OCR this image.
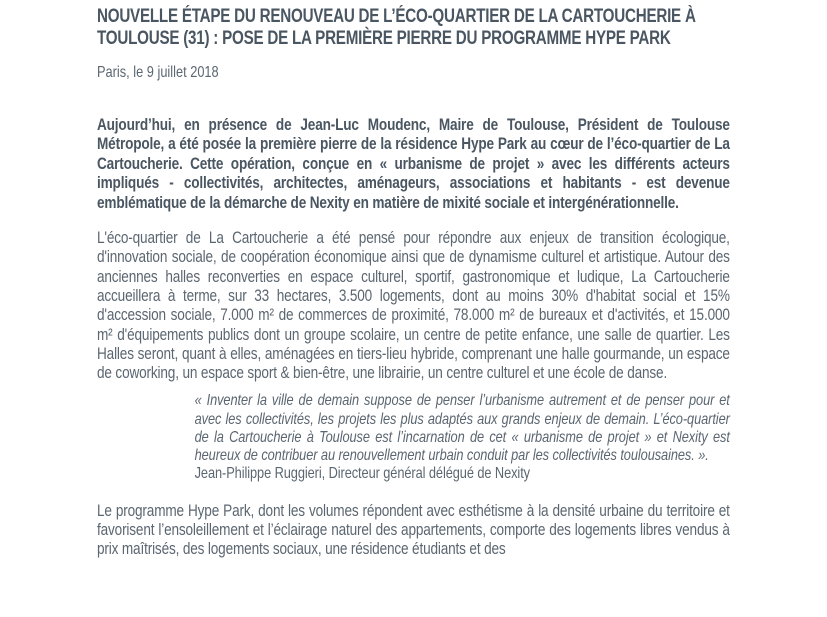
NOUVELLE ÉTAPE DU RENOUVEAU DE L’ÉCO-QUARTIER DE LA CARTOUCHERIE À TOULOUSE (31) : POSE DE LA PREMIÈRE PIERRE DU PROGRAMME HYPE PARK

Paris, le 9 juillet 2018

Aujourd’hui, en présence de Jean-Luc Moudenc, Maire de Toulouse, Président de Toulouse Métropole, a été posée la première pierre de la résidence Hype Park au cœur de l’éco-quartier de La Cartoucherie. Cette opération, conçue en « urbanisme de projet » avec les différents acteurs impliqués - collectivités, architectes, aménageurs, associations et habitants - est devenue emblématique de la démarche de Nexity en matière de mixité sociale et intergénérationnelle.

L'éco-quartier de La Cartoucherie a été pensé pour répondre aux enjeux de transition écologique, d'innovation sociale, de coopération économique ainsi que de dynamisme culturel et artistique. Autour des anciennes halles reconverties en espace culturel, sportif, gastronomique et ludique, La Cartoucherie accueillera à terme, sur 33 hectares, 3.500 logements, dont au moins 30% d'habitat social et 15% d'accession sociale, 7.000 m² de commerces de proximité, 78.000 m² de bureaux et d'activités, et 15.000 m² d'équipements publics dont un groupe scolaire, un centre de petite enfance, une salle de quartier. Les Halles seront, quant à elles, aménagées en tiers-lieu hybride, comprenant une halle gourmande, un espace de coworking, un espace sport & bien-être, une librairie, un centre culturel et une école de danse.

« Inventer la ville de demain suppose de penser l’urbanisme autrement et de penser pour et avec les collectivités, les projets les plus adaptés aux grands enjeux de demain. L’éco-quartier de la Cartoucherie à Toulouse est l’incarnation de cet « urbanisme de projet » et Nexity est heureux de contribuer au renouvellement urbain conduit par les collectivités toulousaines. ».

Jean-Philippe Ruggieri, Directeur général délégué de Nexity

Le programme Hype Park, dont les volumes répondent avec esthétisme à la densité urbaine du territoire et favorisent l’ensoleillement et l’éclairage naturel des appartements, comporte des logements libres vendus à prix maîtrisés, des logements sociaux, une résidence étudiants et des
